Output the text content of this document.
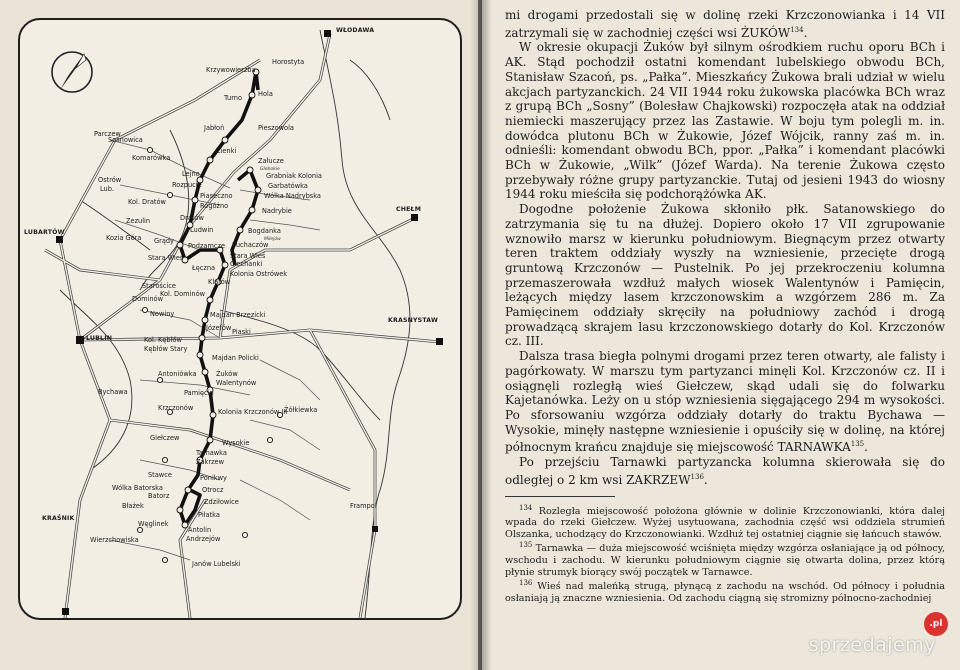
WŁODAWA
Horostyta
Krzywowierzba
Turno Hola
Parczew
Jabłoń
Sosnowica
Pieszowola
Zienki
Komarówka
Lejno
Rozpucie
Ostrów
Lub.
Załucze
Glebokie
Grabniak Kolonia
Garbatówka
Wólka Nadrybska
Piaseczno
Kol. Dratów	Rogóżno
Nadrybie
Dratów
Zezulin
Bogdanka
Kozia Góra
Ludwin
CHEŁM
LUBARTÓW
Grądy
Podzamcze Puchaczów
Stara Wieś
Łęczna
Stara Wieś
Ciechanki
Kolonia Ostrówek
Klarów
Milejów
Starościce
Dominów
Kol. Dominów
Nowiny	Majdan Brzezicki
Józefów Piaski
KRASNYSTAW
LUBLIN	Kol. Kębłów
Kębłów Stary
Majdan Policki
Antoniówka	Żuków
Walentynów
Pamięcin
Bychawa
Krzczonów	Kolonia Krzczonów III
Żółkiewka
Giełczew
Wysokie
Tarnawka
Zakrzew
Stawce	Ponikwy
Wólka Batorska
Batorz
Otrocz
Zdziłowice
Błażek
Piłatka
KRAŚNIK
Węglinek
Antolin
Andrzejów
Wierzchowiska
Frampol
Janów Lubelski

mi drogami przedostali się w dolinę rzeki Krzczonowianka i 14 VII zatrzymali się w zachodniej części wsi ŻUKÓW$^{134}$.

W okresie okupacji Żuków był silnym ośrodkiem ruchu oporu BCh i AK. Stąd pochodził ostatni komendant lubelskiego obwodu BCh, Stanisław Szacoń, ps. „Pałka”. Mieszkańcy Żukowa brali udział w wielu akcjach partyzanckich. 24 VII 1944 roku żukowska placówka BCh wraz z grupą BCh „Sosny” (Bolesław Chajkowski) rozpoczęła atak na oddział niemiecki maszerujący przez las Zastawie. W boju tym polegli m. in. dowódca plutonu BCh w Żukowie, Józef Wójcik, ranny zaś m. in. odnieśli: komendant obwodu BCh, ppor. „Pałka” i komendant placówki BCh w Żukowie, „Wilk” (Józef Warda). Na terenie Żukowa często przebywały różne grupy partyzanckie. Tutaj od jesieni 1943 do wiosny 1944 roku mieściła się podchorążówka AK.

Dogodne położenie Żukowa skłoniło płk. Satanowskiego do zatrzymania się tu na dłużej. Dopiero około 17 VII zgrupowanie wznowiło marsz w kierunku południowym. Biegnącym przez otwarty teren traktem oddziały wyszły na wzniesienie, przecięte drogą gruntową Krzczonów — Pustelnik. Po jej przekroczeniu kolumna przemaszerowała wzdłuż małych wiosek Walentynów i Pamięcin, leżących między lasem krzczonowskim a wzgórzem 286 m. Za Pamięcinem oddziały skręciły na południowy zachód i drogą prowadzącą skrajem lasu krzczonowskiego dotarły do Kol. Krzczonów cz. III.

Dalsza trasa biegła polnymi drogami przez teren otwarty, ale falisty i pagórkowaty. W marszu tym partyzanci minęli Kol. Krzczonów cz. II i osiągnęli rozległą wieś Giełczew, skąd udali się do folwarku Kajetanówka. Leży on u stóp wzniesienia sięgającego 294 m wysokości. Po sforsowaniu wzgórza oddziały dotarły do traktu Bychawa — Wysokie, minęły następne wzniesienie i opuściły się w dolinę, na której północnym krańcu znajduje się miejscowość TARNAWKA$^{135}$.

Po przejściu Tarnawki partyzancka kolumna skierowała się do odległej o 2 km wsi ZAKRZEW$^{136}$.

$^{134}$ Rozległa miejscowość położona głównie w dolinie Krzczonowianki, która dalej wpada do rzeki Giełczew. Wyżej usytuowana, zachodnia część wsi oddziela strumień Olszanka, uchodzący do Krzczonowianki. Wzdłuż tej ostatniej ciągnie się łańcuch stawów.

$^{135}$ Tarnawka — duża miejscowość wciśnięta między wzgórza osłaniające ją od północy, wschodu i zachodu. W kierunku południowym ciągnie się otwarta dolina, przez którą płynie strumyk biorący swój początek w Tarnawce.

$^{136}$ Wieś nad maleńką strugą, płynącą z zachodu na wschód. Od północy i południa osłaniają ją znaczne wzniesienia. Od zachodu ciągną się stromizny północno-zachodniej

.pl
sprzedajemy
